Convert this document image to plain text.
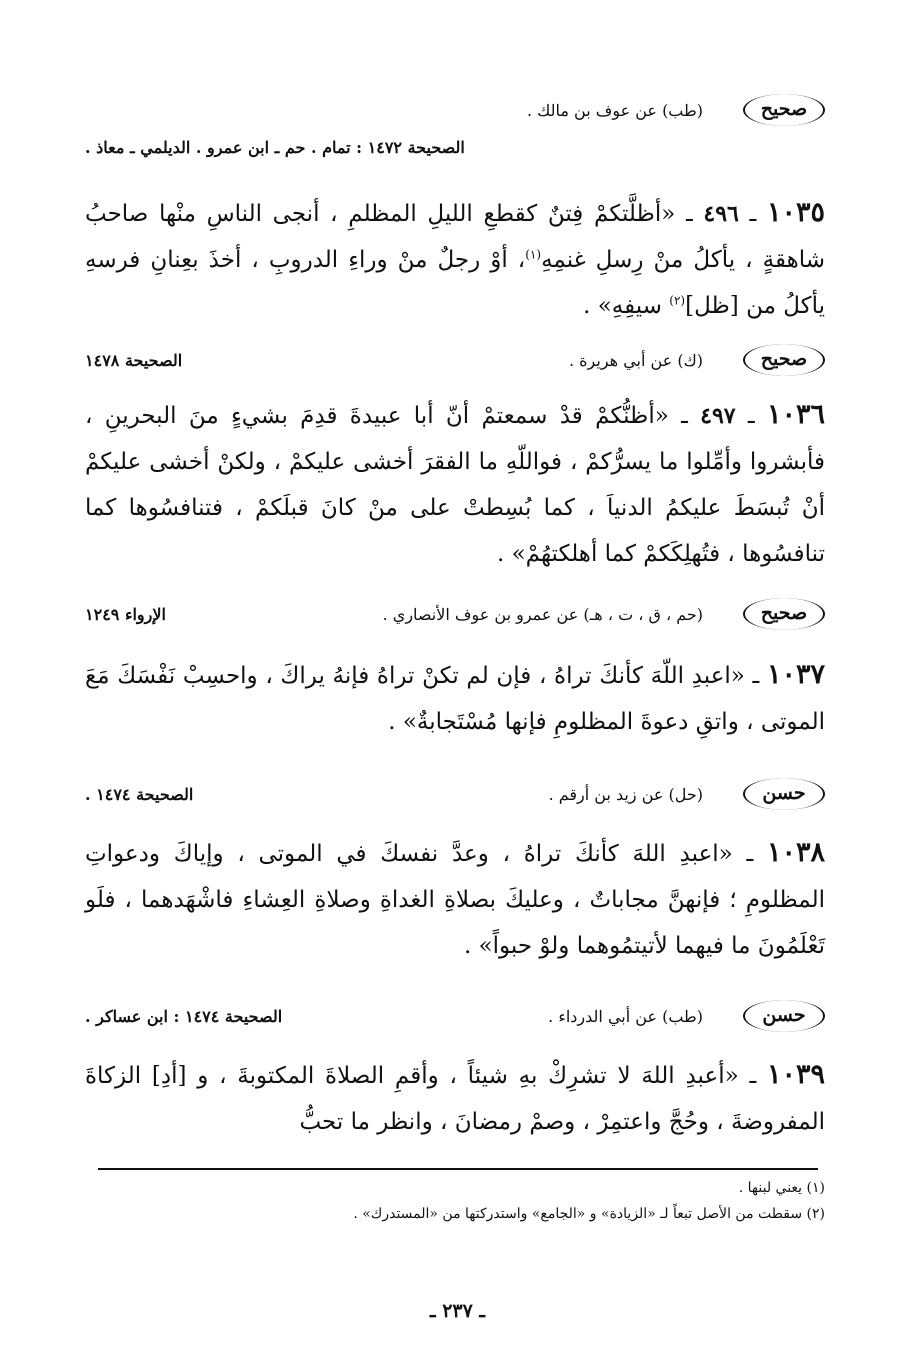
صحيح
(طب) عن عوف بن مالك .
الصحيحة ١٤٧٢ : تمام . حم ـ ابن عمرو . الديلمي ـ معاذ .
١٠٣٥ ـ ٤٩٦ ـ «أظلَّتكمْ فِتنٌ كقطعِ الليلِ المظلمِ ، أنجى الناسِ منْها صاحبُ شاهقةٍ ، يأكلُ منْ رِسلِ غنمِهِ$^{(١)}$، أوْ رجلٌ منْ وراءِ الدروبِ ، أخذَ بعِنانِ فرسهِ يأكلُ من [ظل]$^{(٢)}$ سيفِهِ» .
صحيح
(ك) عن أبي هريرة .
الصحيحة ١٤٧٨
١٠٣٦ ـ ٤٩٧ ـ «أظنُّكمْ قدْ سمعتمْ أنّ أبا عبيدةَ قدِمَ بشيءٍ منَ البحرينِ ، فأبشروا وأمِّلوا ما يسرُّكمْ ، فواللّهِ ما الفقرَ أخشى عليكمْ ، ولكنْ أخشى عليكمْ أنْ تُبسَطَ عليكمُ الدنياَ ، كما بُسِطتْ على منْ كانَ قبلَكمْ ، فتنافسُوها كما تنافسُوها ، فتُهلِكَكمْ كما أهلكتهُمْ» .
صحيح
(حم ، ق ، ت ، هـ) عن عمرو بن عوف الأنصاري .
الإرواء ١٢٤٩
١٠٣٧ ـ «اعبدِ اللّهَ كأنكَ تراهُ ، فإن لم تكنْ تراهُ فإنهُ يراكَ ، واحسِبْ نَفْسَكَ مَعَ الموتى ، واتقِ دعوةَ المظلومِ فإنها مُسْتَجابةٌ» .
حسن
(حل) عن زيد بن أرقم .
الصحيحة ١٤٧٤ .
١٠٣٨ ـ «اعبدِ اللهَ كأنكَ تراهُ ، وعدَّ نفسكَ في الموتى ، وإياكَ ودعواتِ المظلومِ ؛ فإنهنَّ مجاباتٌ ، وعليكَ بصلاةِ الغداةِ وصلاةِ العِشاءِ فاشْهَدهما ، فلَو تَعْلَمُونَ ما فيهما لأتيتمُوهما ولوْ حبواً» .
حسن
(طب) عن أبي الدرداء .
الصحيحة ١٤٧٤ : ابن عساكر .
١٠٣٩ ـ «أعبدِ اللهَ لا تشرِكْ بهِ شيئاً ، وأقمِ الصلاةَ المكتوبةَ ، و [أدِ] الزكاةَ المفروضةَ ، وحُجَّ واعتمِرْ ، وصمْ رمضانَ ، وانظر ما تحبُّ
(١) يعني لبنها .
(٢) سقطت من الأصل تبعاً لـ «الزيادة» و «الجامع» واستدركتها من «المستدرك» .
ـ ٢٣٧ ـ
